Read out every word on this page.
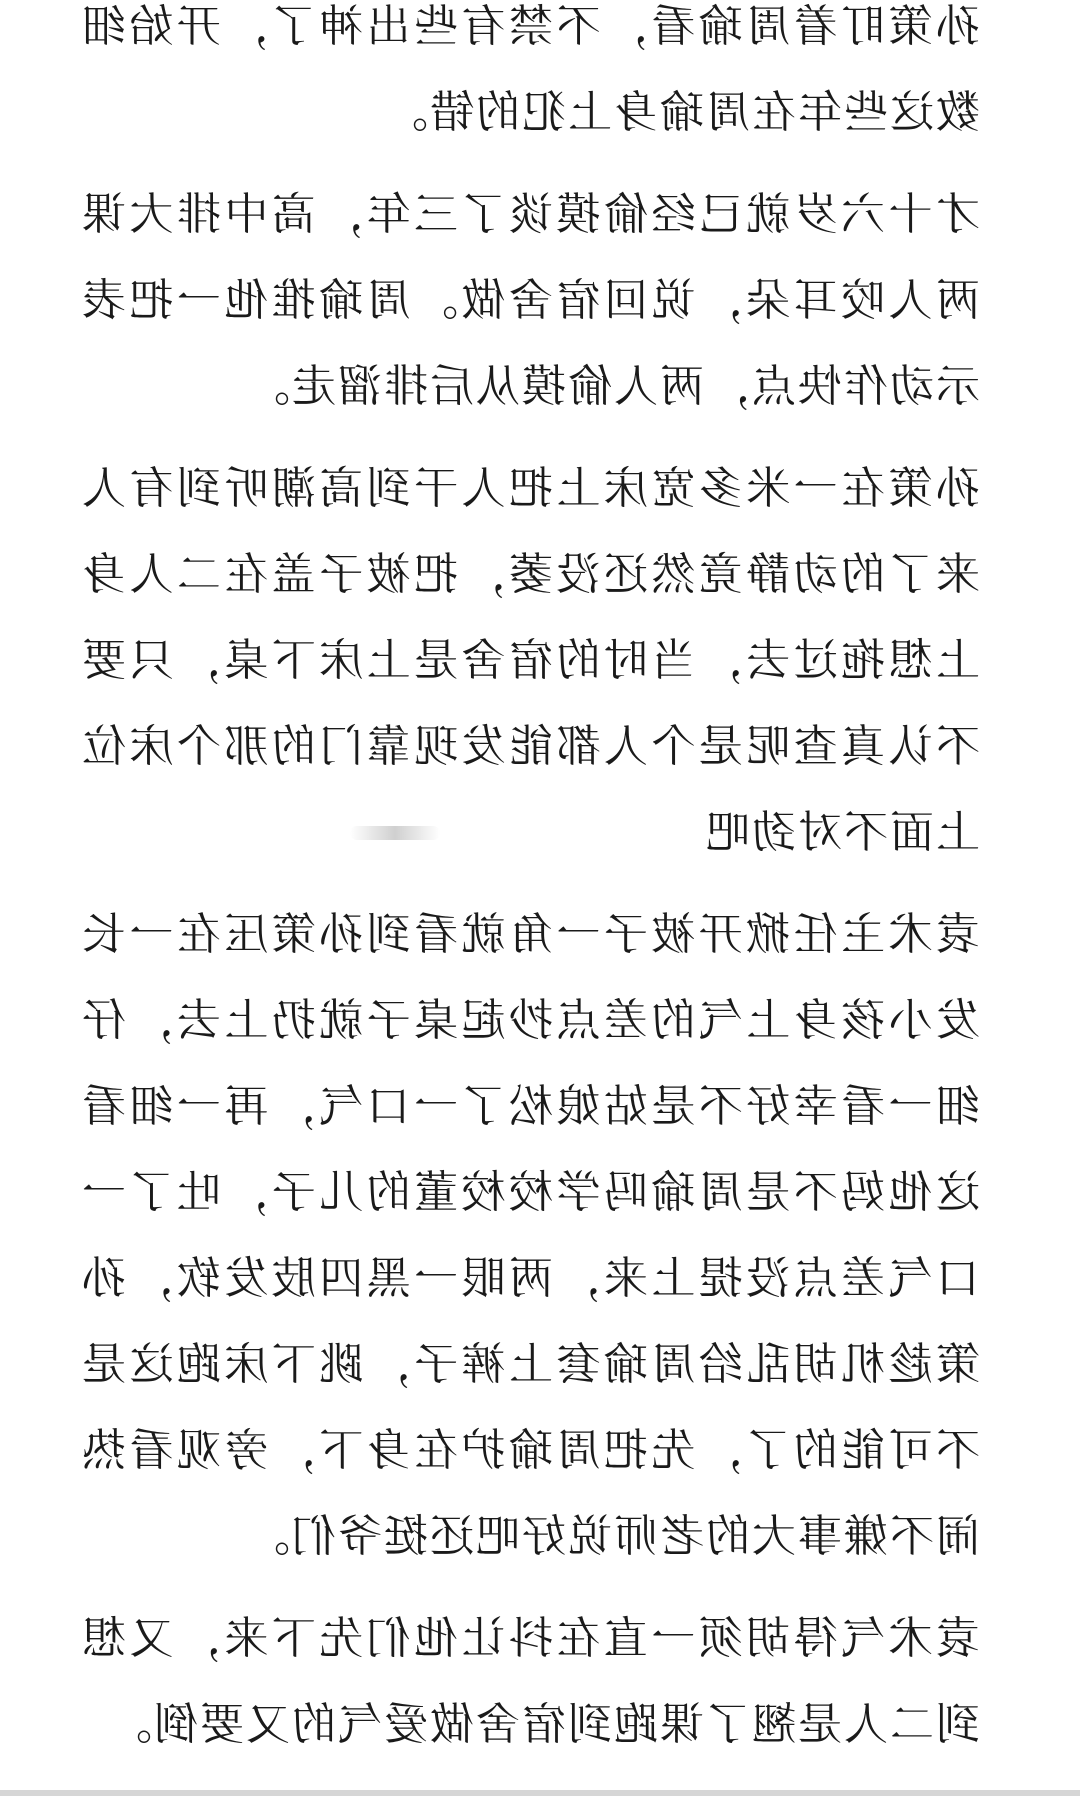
孙策盯着周瑜看，不禁有些出神了，开始细数这些年在周瑜身上犯的错。

才十六岁就已经偷摸谈了三年，高中排大课两人咬耳朵，说回宿舍做。周瑜推他一把表示动作快点，两人偷摸从后排溜走。

孙策在一米多宽床上把人干到高潮听到有人来了的动静竟然还没萎，把被子盖在二人身上想拖过去，当时的宿舍是上床下桌，只要不认真查呢是个人都能发现靠门的那个床位上面不对劲吧

袁术主任掀开被子一角就看到孙策压在一长发小孩身上气的差点抄起桌子就扔上去，仔细一看幸好不是姑娘松了一口气，再一细看这他妈不是周瑜吗学校校董的儿子，吐了一口气差点没提上来，两眼一黑四肢发软，孙策趁机胡乱给周瑜套上裤子，跳下床跑这是不可能的了，先把周瑜护在身下，旁观看热闹不嫌事大的老师说好吧还挺爷们。

袁术气得胡须一直在抖让他们先下来，又想到二人是翘了课跑到宿舍做爱气的又要倒。
